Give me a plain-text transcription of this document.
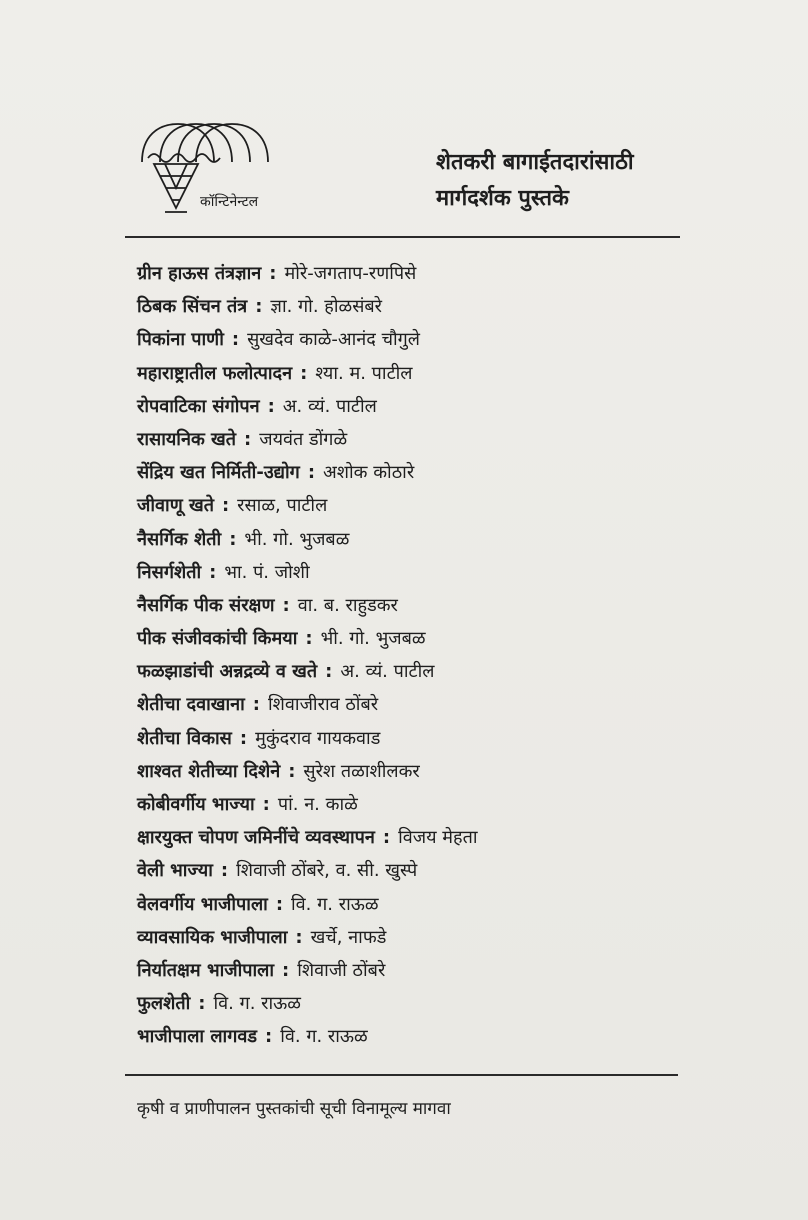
कॉन्टिनेन्टल
शेतकरी बागाईतदारांसाठी
मार्गदर्शक पुस्तके
ग्रीन हाऊस तंत्रज्ञान : मोरे-जगताप-रणपिसे
ठिबक सिंचन तंत्र : ज्ञा. गो. होळसंबरे
पिकांना पाणी : सुखदेव काळे-आनंद चौगुले
महाराष्ट्रातील फलोत्पादन : श्या. म. पाटील
रोपवाटिका संगोपन : अ. व्यं. पाटील
रासायनिक खते : जयवंत डोंगळे
सेंद्रिय खत निर्मिती-उद्योग : अशोक कोठारे
जीवाणू खते : रसाळ, पाटील
नैसर्गिक शेती : भी. गो. भुजबळ
निसर्गशेती : भा. पं. जोशी
नैसर्गिक पीक संरक्षण : वा. ब. राहुडकर
पीक संजीवकांची किमया : भी. गो. भुजबळ
फळझाडांची अन्नद्रव्ये व खते : अ. व्यं. पाटील
शेतीचा दवाखाना : शिवाजीराव ठोंबरे
शेतीचा विकास : मुकुंदराव गायकवाड
शाश्वत शेतीच्या दिशेने : सुरेश तळाशीलकर
कोबीवर्गीय भाज्या : पां. न. काळे
क्षारयुक्त चोपण जमिनींचे व्यवस्थापन : विजय मेहता
वेली भाज्या : शिवाजी ठोंबरे, व. सी. खुस्पे
वेलवर्गीय भाजीपाला : वि. ग. राऊळ
व्यावसायिक भाजीपाला : खर्चे, नाफडे
निर्यातक्षम भाजीपाला : शिवाजी ठोंबरे
फुलशेती : वि. ग. राऊळ
भाजीपाला लागवड : वि. ग. राऊळ
कृषी व प्राणीपालन पुस्तकांची सूची विनामूल्य मागवा
